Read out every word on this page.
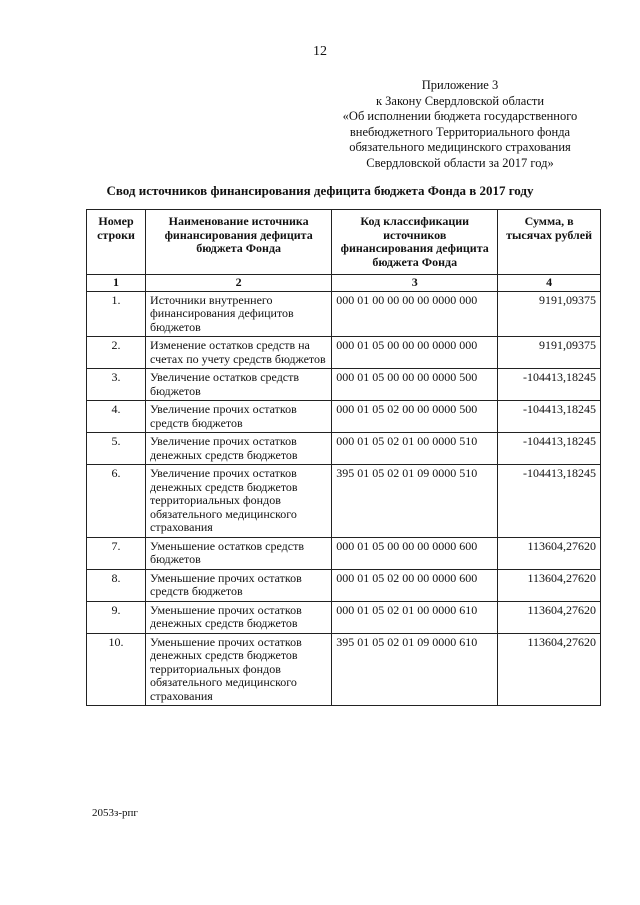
12
Приложение 3
к Закону Свердловской области
«Об исполнении бюджета государственного
внебюджетного Территориального фонда
обязательного медицинского страхования
Свердловской области за 2017 год»
Свод источников финансирования дефицита бюджета Фонда в 2017 году
Номер строки	Наименование источника финансирования дефицита бюджета Фонда	Код классификации источников финансирования дефицита бюджета Фонда	Сумма, в тысячах рублей
1	2	3	4
1.	Источники внутреннего финансирования дефицитов бюджетов	000 01 00 00 00 00 0000 000	9191,09375
2.	Изменение остатков средств на счетах по учету средств бюджетов	000 01 05 00 00 00 0000 000	9191,09375
3.	Увеличение остатков средств бюджетов	000 01 05 00 00 00 0000 500	-104413,18245
4.	Увеличение прочих остатков средств бюджетов	000 01 05 02 00 00 0000 500	-104413,18245
5.	Увеличение прочих остатков денежных средств бюджетов	000 01 05 02 01 00 0000 510	-104413,18245
6.	Увеличение прочих остатков денежных средств бюджетов территориальных фондов обязательного медицинского страхования	395 01 05 02 01 09 0000 510	-104413,18245
7.	Уменьшение остатков средств бюджетов	000 01 05 00 00 00 0000 600	113604,27620
8.	Уменьшение прочих остатков средств бюджетов	000 01 05 02 00 00 0000 600	113604,27620
9.	Уменьшение прочих остатков денежных средств бюджетов	000 01 05 02 01 00 0000 610	113604,27620
10.	Уменьшение прочих остатков денежных средств бюджетов территориальных фондов обязательного медицинского страхования	395 01 05 02 01 09 0000 610	113604,27620
2053з-рпг
